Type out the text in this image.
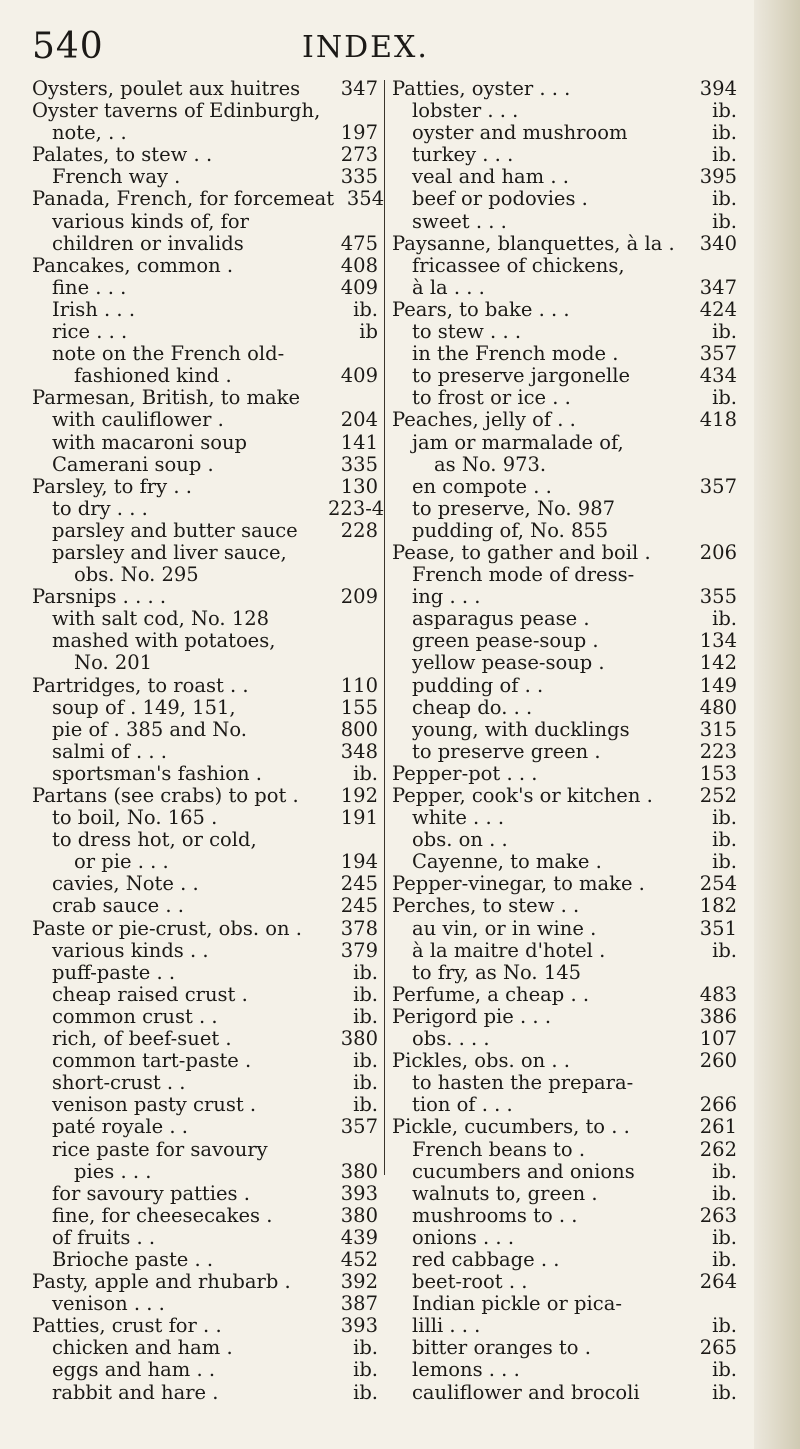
540	INDEX.
Oysters, poulet aux huitres	347
Oyster taverns of Edinburgh,
note, . .	197
Palates, to stew . .	273
French way .	335
Panada, French, for forcemeat 354
various kinds of, for
children or invalids	475
Pancakes, common .	408
fine . . .	409
Irish . . .	ib.
rice . . .	ib
note on the French old-
fashioned kind .	409
Parmesan, British, to make
with cauliflower .	204
with macaroni soup	141
Camerani soup .	335
Parsley, to fry . .	130
to dry . . .	223-4
parsley and butter sauce	228
parsley and liver sauce,
obs. No. 295
Parsnips . . . .	209
with salt cod, No. 128
mashed with potatoes,
No. 201
Partridges, to roast . .	110
soup of . 149, 151,	155
pie of . 385 and No.	800
salmi of . . .	348
sportsman's fashion .	ib.
Partans (see crabs) to pot .	192
to boil, No. 165 .	191
to dress hot, or cold,
or pie . . .	194
cavies, Note . .	245
crab sauce . .	245
Paste or pie-crust, obs. on .	378
various kinds . .	379
puff-paste . .	ib.
cheap raised crust .	ib.
common crust . .	ib.
rich, of beef-suet .	380
common tart-paste .	ib.
short-crust . .	ib.
venison pasty crust .	ib.
paté royale . .	357
rice paste for savoury
pies . . .	380
for savoury patties .	393
fine, for cheesecakes .	380
of fruits . .	439
Brioche paste . .	452
Pasty, apple and rhubarb .	392
venison . . .	387
Patties, crust for . .	393
chicken and ham .	ib.
eggs and ham . .	ib.
rabbit and hare .	ib.
Patties, oyster . . .	394
lobster . . .	ib.
oyster and mushroom	ib.
turkey . . .	ib.
veal and ham . .	395
beef or podovies .	ib.
sweet . . .	ib.
Paysanne, blanquettes, à la .	340
fricassee of chickens,
à la . . .	347
Pears, to bake . . .	424
to stew . . .	ib.
in the French mode .	357
to preserve jargonelle	434
to frost or ice . .	ib.
Peaches, jelly of . .	418
jam or marmalade of,
as No. 973.
en compote . .	357
to preserve, No. 987
pudding of, No. 855
Pease, to gather and boil .	206
French mode of dress-
ing . . .	355
asparagus pease .	ib.
green pease-soup .	134
yellow pease-soup .	142
pudding of . .	149
cheap do. . .	480
young, with ducklings	315
to preserve green .	223
Pepper-pot . . .	153
Pepper, cook's or kitchen .	252
white . . .	ib.
obs. on . .	ib.
Cayenne, to make .	ib.
Pepper-vinegar, to make .	254
Perches, to stew . .	182
au vin, or in wine .	351
à la maitre d'hotel .	ib.
to fry, as No. 145
Perfume, a cheap . .	483
Perigord pie . . .	386
obs. . . .	107
Pickles, obs. on . .	260
to hasten the prepara-
tion of . . .	266
Pickle, cucumbers, to . .	261
French beans to .	262
cucumbers and onions	ib.
walnuts to, green .	ib.
mushrooms to . .	263
onions . . .	ib.
red cabbage . .	ib.
beet-root . .	264
Indian pickle or pica-
lilli . . .	ib.
bitter oranges to .	265
lemons . . .	ib.
cauliflower and brocoli	ib.
